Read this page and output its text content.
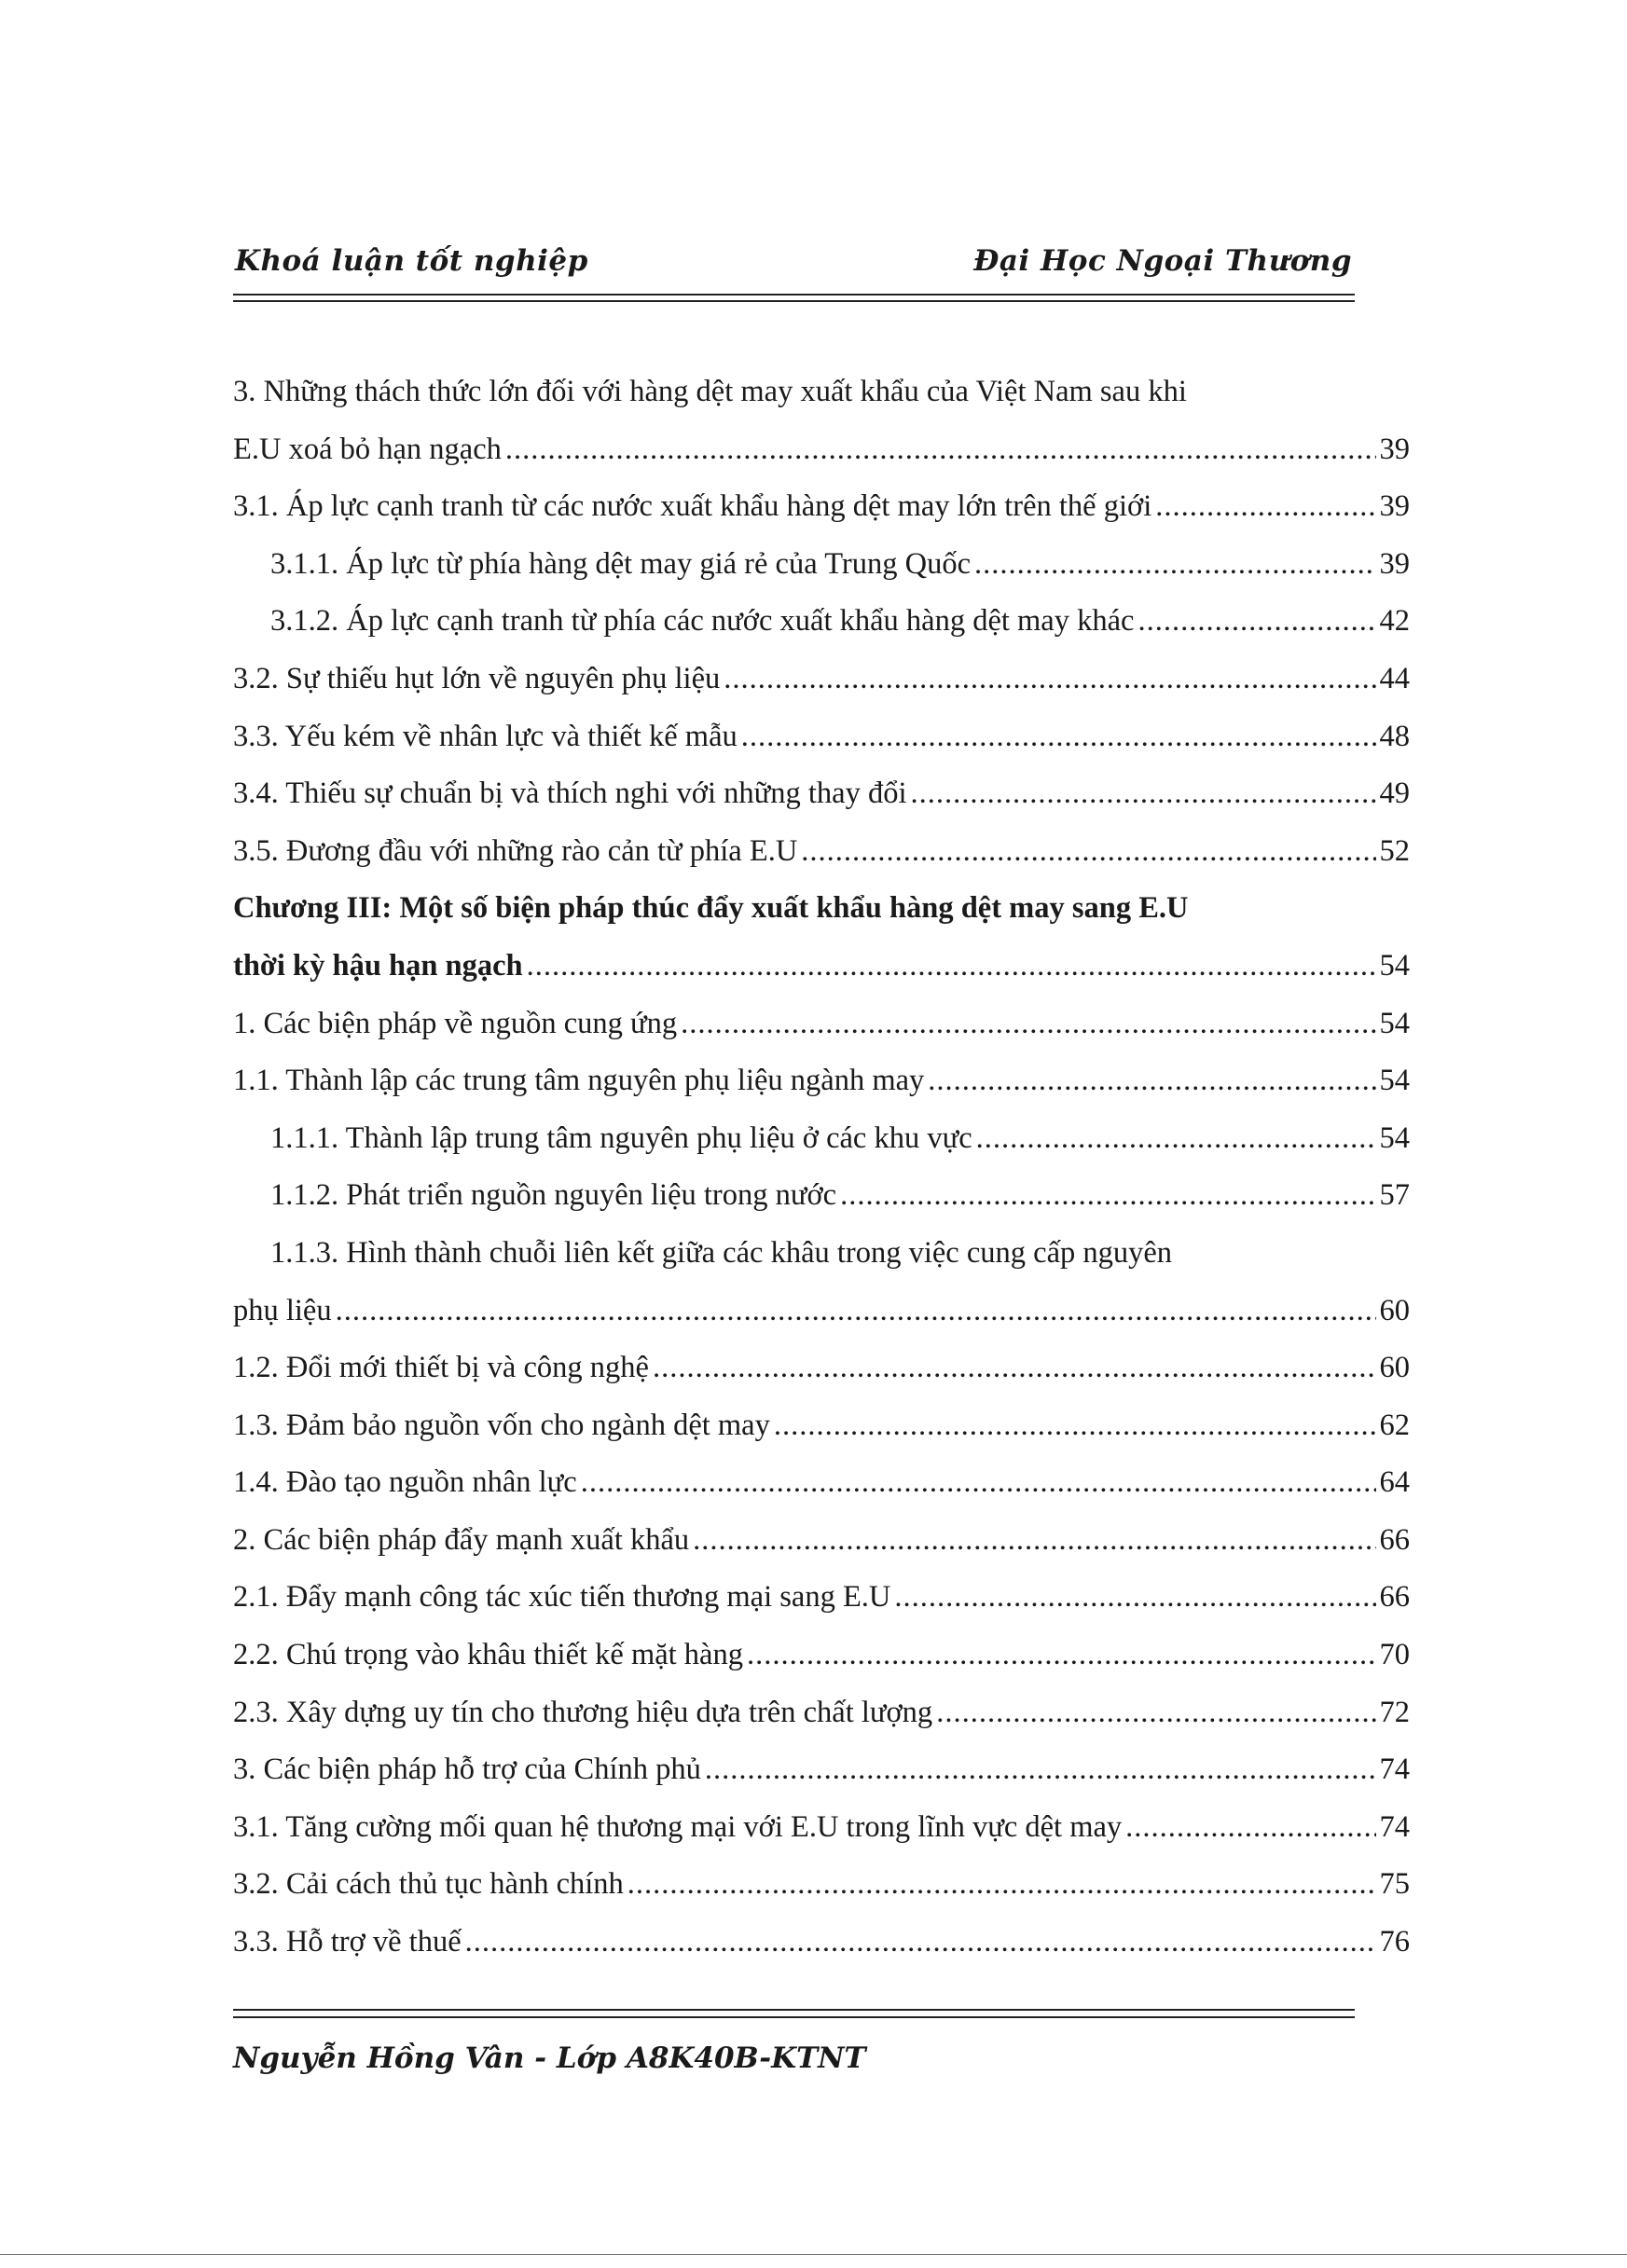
Khoá luận tốt nghiệp	Đại Học Ngoại Thương
3. Những thách thức lớn đối với hàng dệt may xuất khẩu của Việt Nam sau khi
E.U xoá bỏ hạn ngạch .....	39
3.1. Áp lực cạnh tranh từ các nước xuất khẩu hàng dệt may lớn trên thế giới .....	39
3.1.1. Áp lực từ phía hàng dệt may giá rẻ của Trung Quốc .....	39
3.1.2. Áp lực cạnh tranh từ phía các nước xuất khẩu hàng dệt may khác .....	42
3.2. Sự thiếu hụt lớn về nguyên phụ liệu .....	44
3.3. Yếu kém về nhân lực và thiết kế mẫu .....	48
3.4. Thiếu sự chuẩn bị và thích nghi với những thay đổi .....	49
3.5. Đương đầu với những rào cản từ phía E.U .....	52
Chương III: Một số biện pháp thúc đẩy xuất khẩu hàng dệt may sang E.U
thời kỳ hậu hạn ngạch .....	54
1. Các biện pháp về nguồn cung ứng .....	54
1.1. Thành lập các trung tâm nguyên phụ liệu ngành may .....	54
1.1.1. Thành lập trung tâm nguyên phụ liệu ở các khu vực .....	54
1.1.2. Phát triển nguồn nguyên liệu trong nước .....	57
1.1.3. Hình thành chuỗi liên kết giữa các khâu trong việc cung cấp nguyên
phụ liệu .....	60
1.2. Đổi mới thiết bị và công nghệ .....	60
1.3. Đảm bảo nguồn vốn cho ngành dệt may .....	62
1.4. Đào tạo nguồn nhân lực .....	64
2. Các biện pháp đẩy mạnh xuất khẩu .....	66
2.1. Đẩy mạnh công tác xúc tiến thương mại sang E.U .....	66
2.2. Chú trọng vào khâu thiết kế mặt hàng .....	70
2.3. Xây dựng uy tín cho thương hiệu dựa trên chất lượng .....	72
3. Các biện pháp hỗ trợ của Chính phủ .....	74
3.1. Tăng cường mối quan hệ thương mại với E.U trong lĩnh vực dệt may .....	74
3.2. Cải cách thủ tục hành chính .....	75
3.3. Hỗ trợ về thuế .....	76
Nguyễn Hồng Vân - Lớp A8K40B-KTNT
